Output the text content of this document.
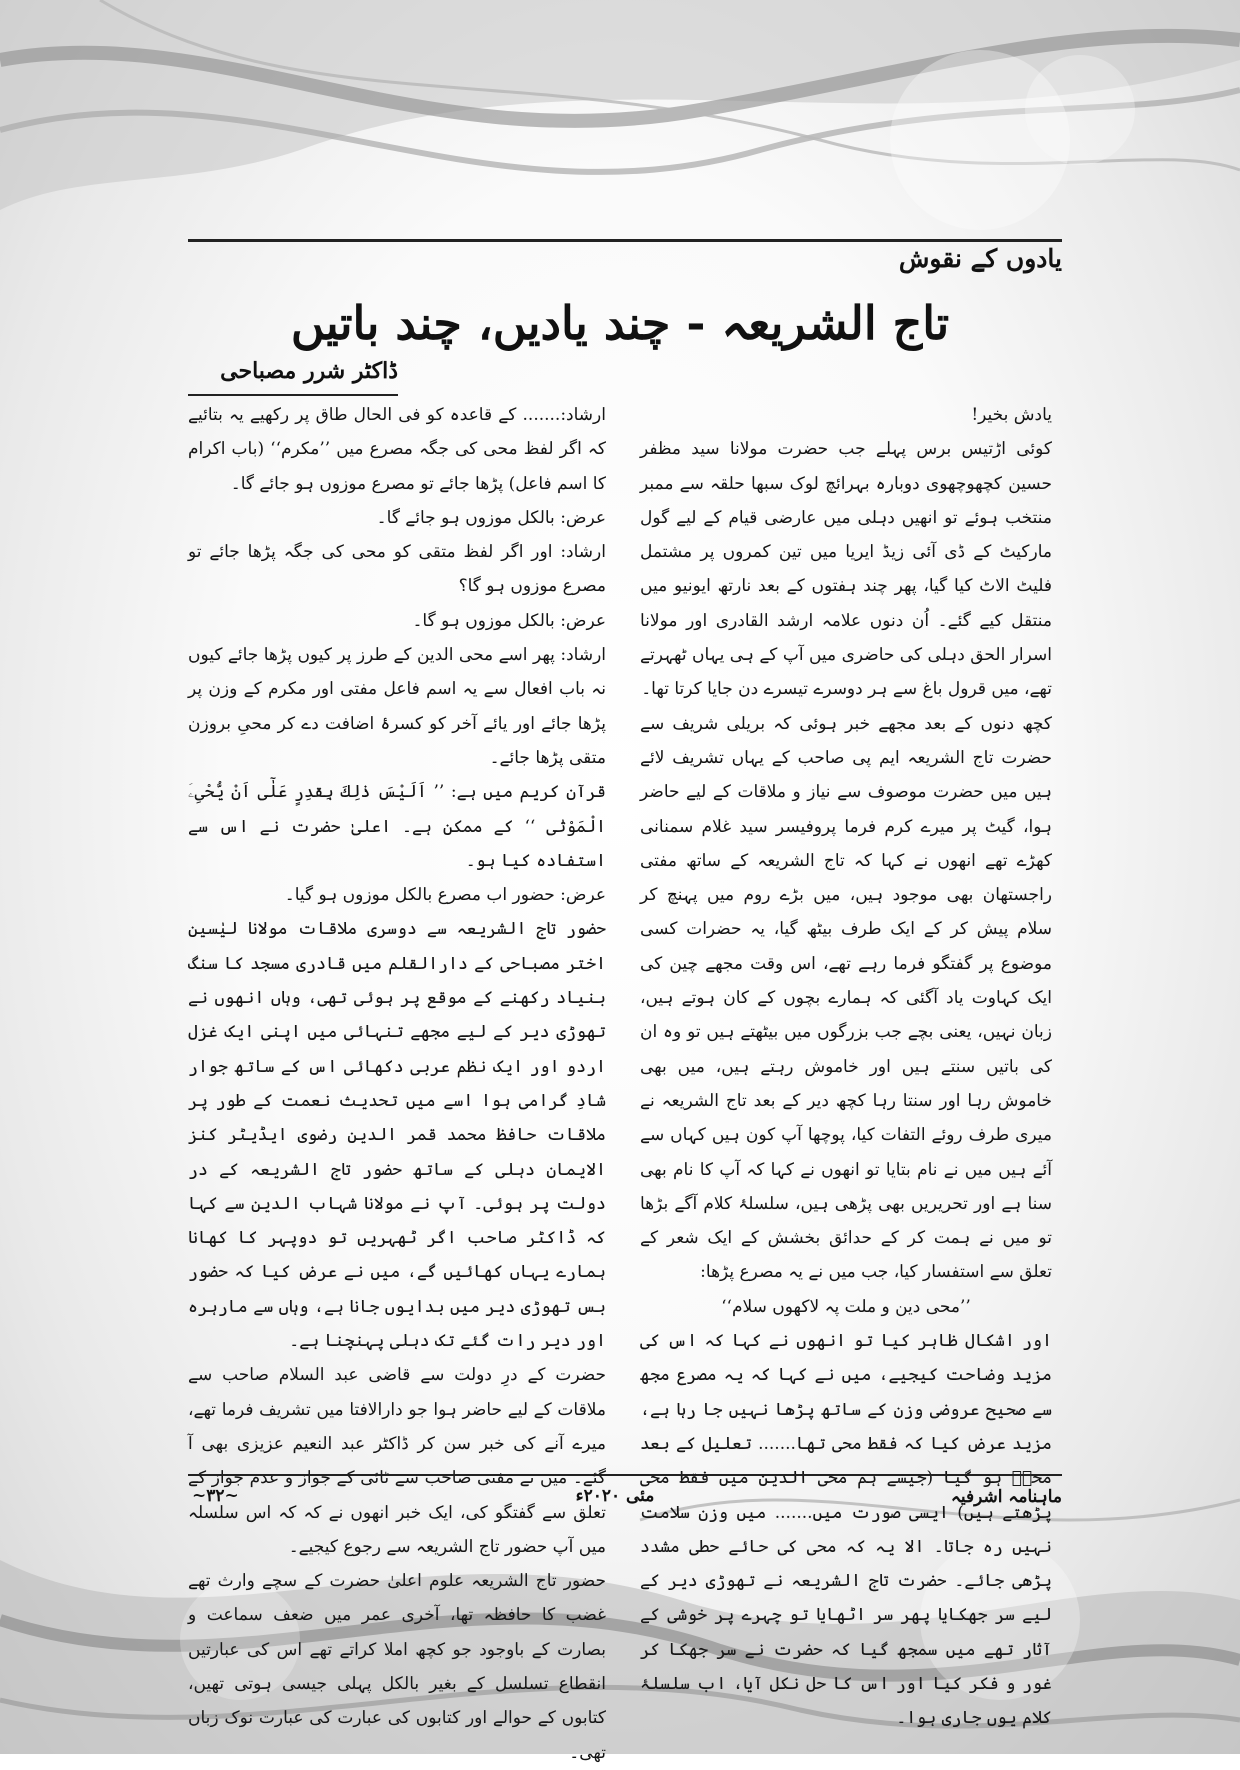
یادوں کے نقوش
تاج الشریعہ - چند یادیں، چند باتیں
ڈاکٹر شرر مصباحی

یادش بخیر!

کوئی اڑتیس برس پہلے جب حضرت مولانا سید مظفر حسین کچھوچھوی دوبارہ بہرائچ لوک سبھا حلقہ سے ممبر منتخب ہوئے تو انھیں دہلی میں عارضی قیام کے لیے گول مارکیٹ کے ڈی آئی زیڈ ایریا میں تین کمروں پر مشتمل فلیٹ الاٹ کیا گیا، پھر چند ہفتوں کے بعد نارتھ ایونیو میں منتقل کیے گئے۔ اُن دنوں علامہ ارشد القادری اور مولانا اسرار الحق دہلی کی حاضری میں آپ کے ہی یہاں ٹھہرتے تھے، میں قرول باغ سے ہر دوسرے تیسرے دن جایا کرتا تھا۔

کچھ دنوں کے بعد مجھے خبر ہوئی کہ بریلی شریف سے حضرت تاج الشریعہ ایم پی صاحب کے یہاں تشریف لائے ہیں میں حضرت موصوف سے نیاز و ملاقات کے لیے حاضر ہوا، گیٹ پر میرے کرم فرما پروفیسر سید غلام سمنانی کھڑے تھے انھوں نے کہا کہ تاج الشریعہ کے ساتھ مفتی راجستھان بھی موجود ہیں، میں بڑے روم میں پہنچ کر سلام پیش کر کے ایک طرف بیٹھ گیا، یہ حضرات کسی موضوع پر گفتگو فرما رہے تھے، اس وقت مجھے چین کی ایک کہاوت یاد آگئی کہ ہمارے بچوں کے کان ہوتے ہیں، زبان نہیں، یعنی بچے جب بزرگوں میں بیٹھتے ہیں تو وہ ان کی باتیں سنتے ہیں اور خاموش رہتے ہیں، میں بھی خاموش رہا اور سنتا رہا کچھ دیر کے بعد تاج الشریعہ نے میری طرف روئے التفات کیا، پوچھا آپ کون ہیں کہاں سے آئے ہیں میں نے نام بتایا تو انھوں نے کہا کہ آپ کا نام بھی سنا ہے اور تحریریں بھی پڑھی ہیں، سلسلۂ کلام آگے بڑھا تو میں نے ہمت کر کے حدائق بخشش کے ایک شعر کے تعلق سے استفسار کیا، جب میں نے یہ مصرع پڑھا:

’’محی دین و ملت پہ لاکھوں سلام‘‘

اور اشکال ظاہر کیا تو انھوں نے کہا کہ اس کی مزید وضاحت کیجیے، میں نے کہا کہ یہ مصرع مجھ سے صحیح عروضی وزن کے ساتھ پڑھا نہیں جا رہا ہے، مزید عرض کیا کہ فقط محی تھا....... تعلیل کے بعد محیؔ ہو گیا (جیسے ہم محی الدین میں فقط محی پڑھتے ہیں) ایسی صورت میں....... میں وزن سلامت نہیں رہ جاتا۔ الا یہ کہ محی کی حائے حطی مشدد پڑھی جائے۔ حضرت تاج الشریعہ نے تھوڑی دیر کے لیے سر جھکایا پھر سر اٹھایا تو چہرے پر خوشی کے آثار تھے میں سمجھ گیا کہ حضرت نے سر جھکا کر غور و فکر کیا اور اس کا حل نکل آیا، اب سلسلۂ کلام یوں جاری ہوا۔

ارشاد:....... کے قاعدہ کو فی الحال طاق پر رکھیے یہ بتائیے کہ اگر لفظ محی کی جگہ مصرع میں ’’مکرم‘‘ (باب اکرام کا اسم فاعل) پڑھا جائے تو مصرع موزوں ہو جائے گا۔

عرض: بالکل موزوں ہو جائے گا۔

ارشاد: اور اگر لفظ متقی کو محی کی جگہ پڑھا جائے تو مصرع موزوں ہو گا؟

عرض: بالکل موزوں ہو گا۔

ارشاد: پھر اسے محی الدین کے طرز پر کیوں پڑھا جائے کیوں نہ باب افعال سے یہ اسم فاعل مفتی اور مکرم کے وزن پر پڑھا جائے اور یائے آخر کو کسرۂ اضافت دے کر محیِ بروزن متقی پڑھا جائے۔

قرآن کریم میں ہے: ’’ اَلَيْسَ ذٰلِكَ بِقٰدِرٍ عَلٰٓى اَنْ يُّحْیِۦَ الْمَوْتٰى ‘‘ کے ممکن ہے۔ اعلیٰ حضرت نے اس سے استفادہ کیا ہو۔

عرض: حضور اب مصرع بالکل موزوں ہو گیا۔

حضور تاج الشریعہ سے دوسری ملاقات مولانا لیٰسین اختر مصباحی کے دارالقلم میں قادری مسجد کا سنگ بنیاد رکھنے کے موقع پر ہوئی تھی، وہاں انھوں نے تھوڑی دیر کے لیے مجھے تنہائی میں اپنی ایک غزل اردو اور ایک نظم عربی دکھائی اس کے ساتھ جوار شادِ گرامی ہوا اسے میں تحدیث نعمت کے طور پر ملاقات حافظ محمد قمر الدین رضوی ایڈیٹر کنز الایمان دہلی کے ساتھ حضور تاج الشریعہ کے در دولت پر ہوئی۔ آپ نے مولانا شہاب الدین سے کہا کہ ڈاکٹر صاحب اگر ٹھہریں تو دوپہر کا کھانا ہمارے یہاں کھائیں گے، میں نے عرض کیا کہ حضور بس تھوڑی دیر میں بدایوں جانا ہے، وہاں سے مارہرہ اور دیر رات گئے تک دہلی پہنچنا ہے۔

حضرت کے درِ دولت سے قاضی عبد السلام صاحب سے ملاقات کے لیے حاضر ہوا جو دارالافتا میں تشریف فرما تھے، میرے آنے کی خبر سن کر ڈاکٹر عبد النعیم عزیزی بھی آ گئے۔ میں نے مفتی صاحب سے ٹائی کے جواز و عدم جواز کے تعلق سے گفتگو کی، ایک خبر انھوں نے کہ کہ اس سلسلہ میں آپ حضور تاج الشریعہ سے رجوع کیجیے۔

حضور تاج الشریعہ علوم اعلیٰ حضرت کے سچے وارث تھے غضب کا حافظہ تھا، آخری عمر میں ضعف سماعت و بصارت کے باوجود جو کچھ املا کراتے تھے اس کی عبارتیں انقطاع تسلسل کے بغیر بالکل پہلی جیسی ہوتی تھیں، کتابوں کے حوالے اور کتابوں کی عبارت کی عبارت نوک زباں تھی۔

ماہنامہ اشرفیہ
مئی ۲۰۲۰ء
~۳۲~
